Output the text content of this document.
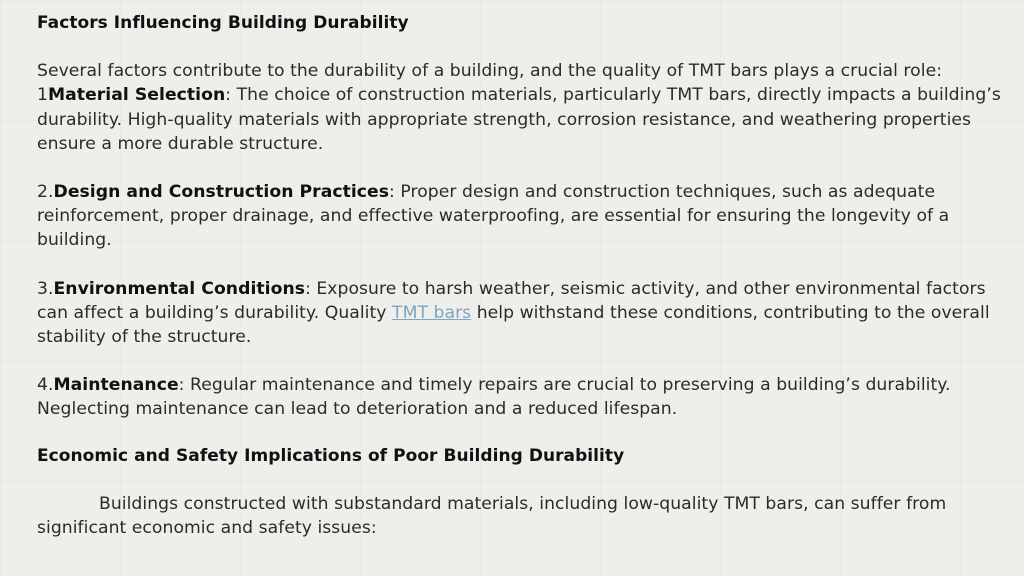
Factors Influencing Building Durability

Several factors contribute to the durability of a building, and the quality of TMT bars plays a crucial role:

1Material Selection: The choice of construction materials, particularly TMT bars, directly impacts a building’s durability. High-quality materials with appropriate strength, corrosion resistance, and weathering properties ensure a more durable structure.

2.Design and Construction Practices: Proper design and construction techniques, such as adequate reinforcement, proper drainage, and effective waterproofing, are essential for ensuring the longevity of a building.

3.Environmental Conditions: Exposure to harsh weather, seismic activity, and other environmental factors can affect a building’s durability. Quality TMT bars help withstand these conditions, contributing to the overall stability of the structure.

4.Maintenance: Regular maintenance and timely repairs are crucial to preserving a building’s durability. Neglecting maintenance can lead to deterioration and a reduced lifespan.

Economic and Safety Implications of Poor Building Durability

Buildings constructed with substandard materials, including low-quality TMT bars, can suffer from significant economic and safety issues:
